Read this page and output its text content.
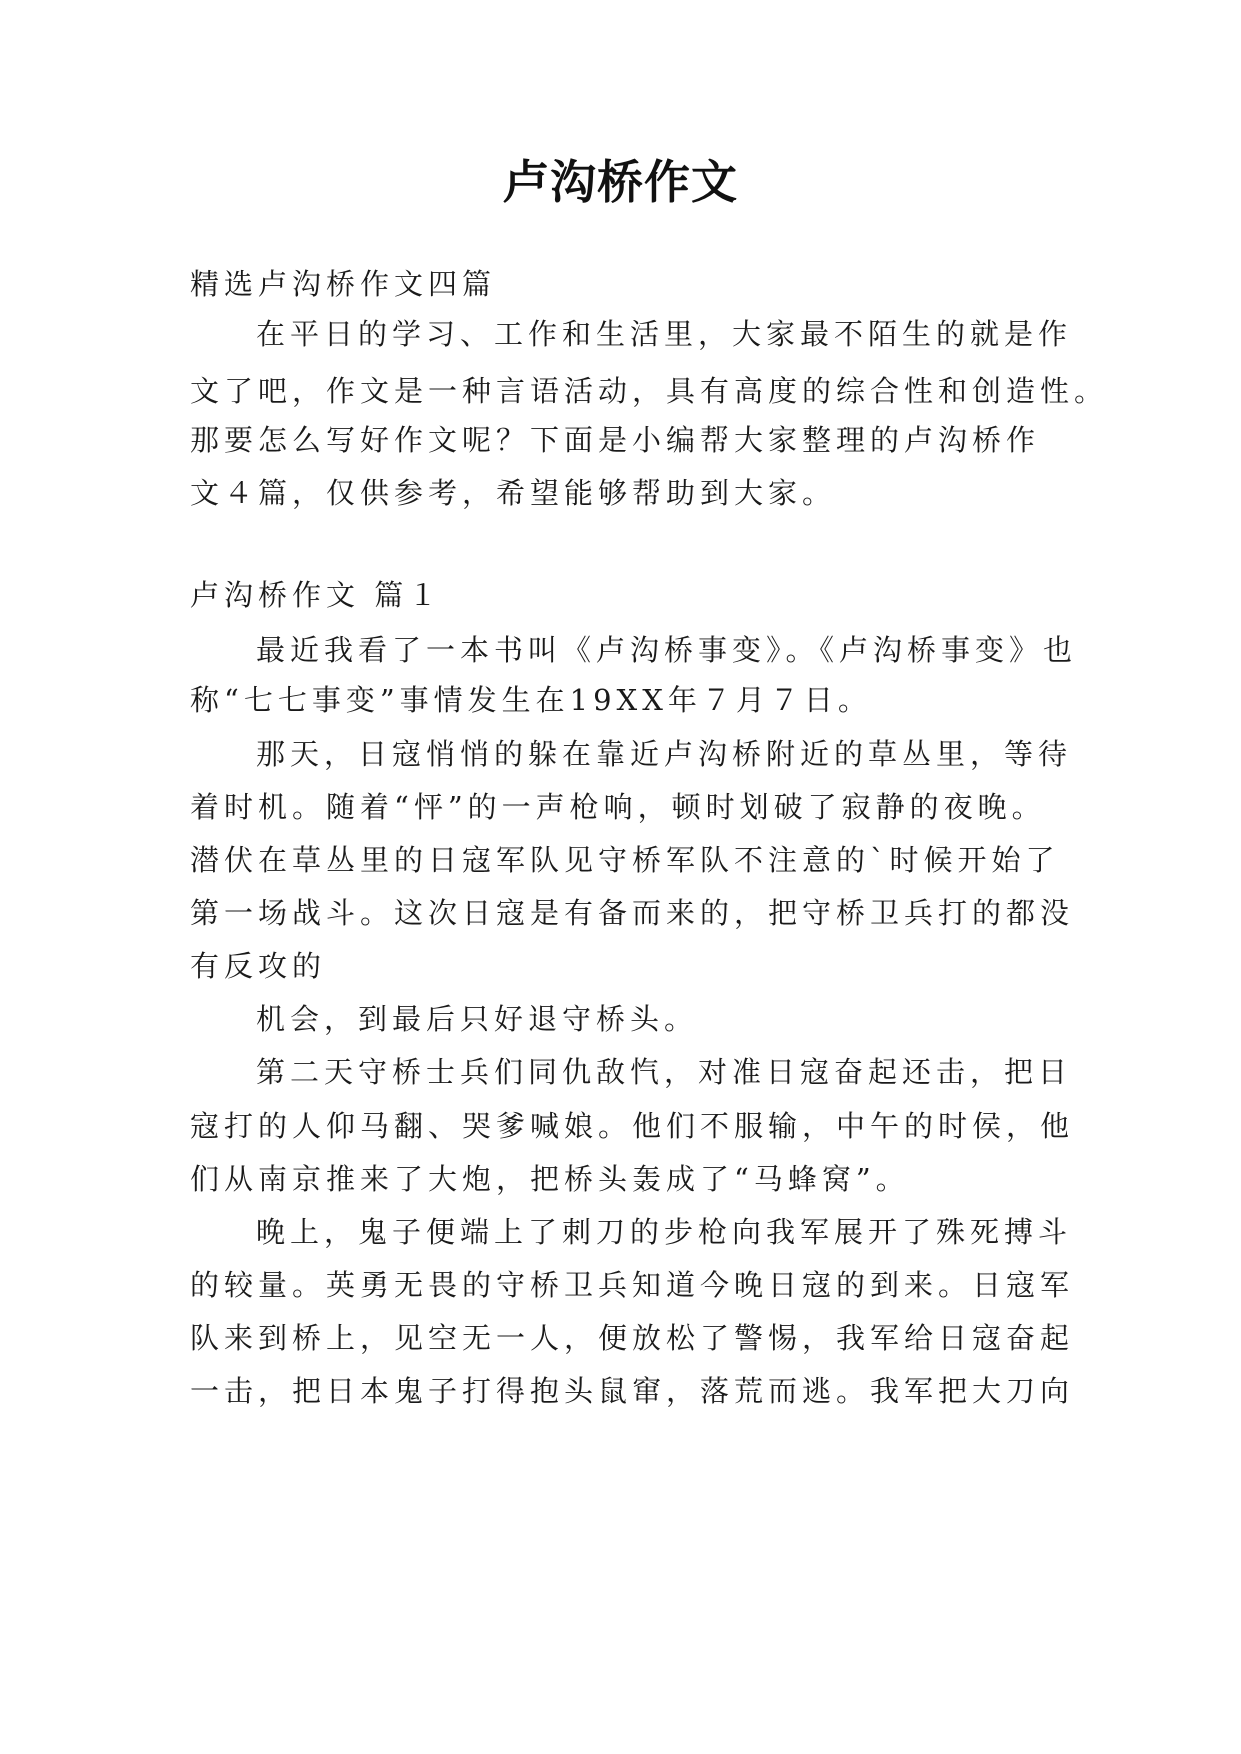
卢沟桥作文
精选卢沟桥作文四篇
在平日的学习、工作和生活里，大家最不陌生的就是作
文了吧，作文是一种言语活动，具有高度的综合性和创造性。
那要怎么写好作文呢？下面是小编帮大家整理的卢沟桥作
文４篇，仅供参考，希望能够帮助到大家。
卢沟桥作文 篇１
最近我看了一本书叫《卢沟桥事变》。《卢沟桥事变》也
称“七七事变”事情发生在19XX年７月７日。
那天，日寇悄悄的躲在靠近卢沟桥附近的草丛里，等待
着时机。随着“怦”的一声枪响，顿时划破了寂静的夜晚。
潜伏在草丛里的日寇军队见守桥军队不注意的`时候开始了
第一场战斗。这次日寇是有备而来的，把守桥卫兵打的都没
有反攻的
机会，到最后只好退守桥头。
第二天守桥士兵们同仇敌忾，对准日寇奋起还击，把日
寇打的人仰马翻、哭爹喊娘。他们不服输，中午的时侯，他
们从南京推来了大炮，把桥头轰成了“马蜂窝”。
晚上，鬼子便端上了刺刀的步枪向我军展开了殊死搏斗
的较量。英勇无畏的守桥卫兵知道今晚日寇的到来。日寇军
队来到桥上，见空无一人，便放松了警惕，我军给日寇奋起
一击，把日本鬼子打得抱头鼠窜，落荒而逃。我军把大刀向
